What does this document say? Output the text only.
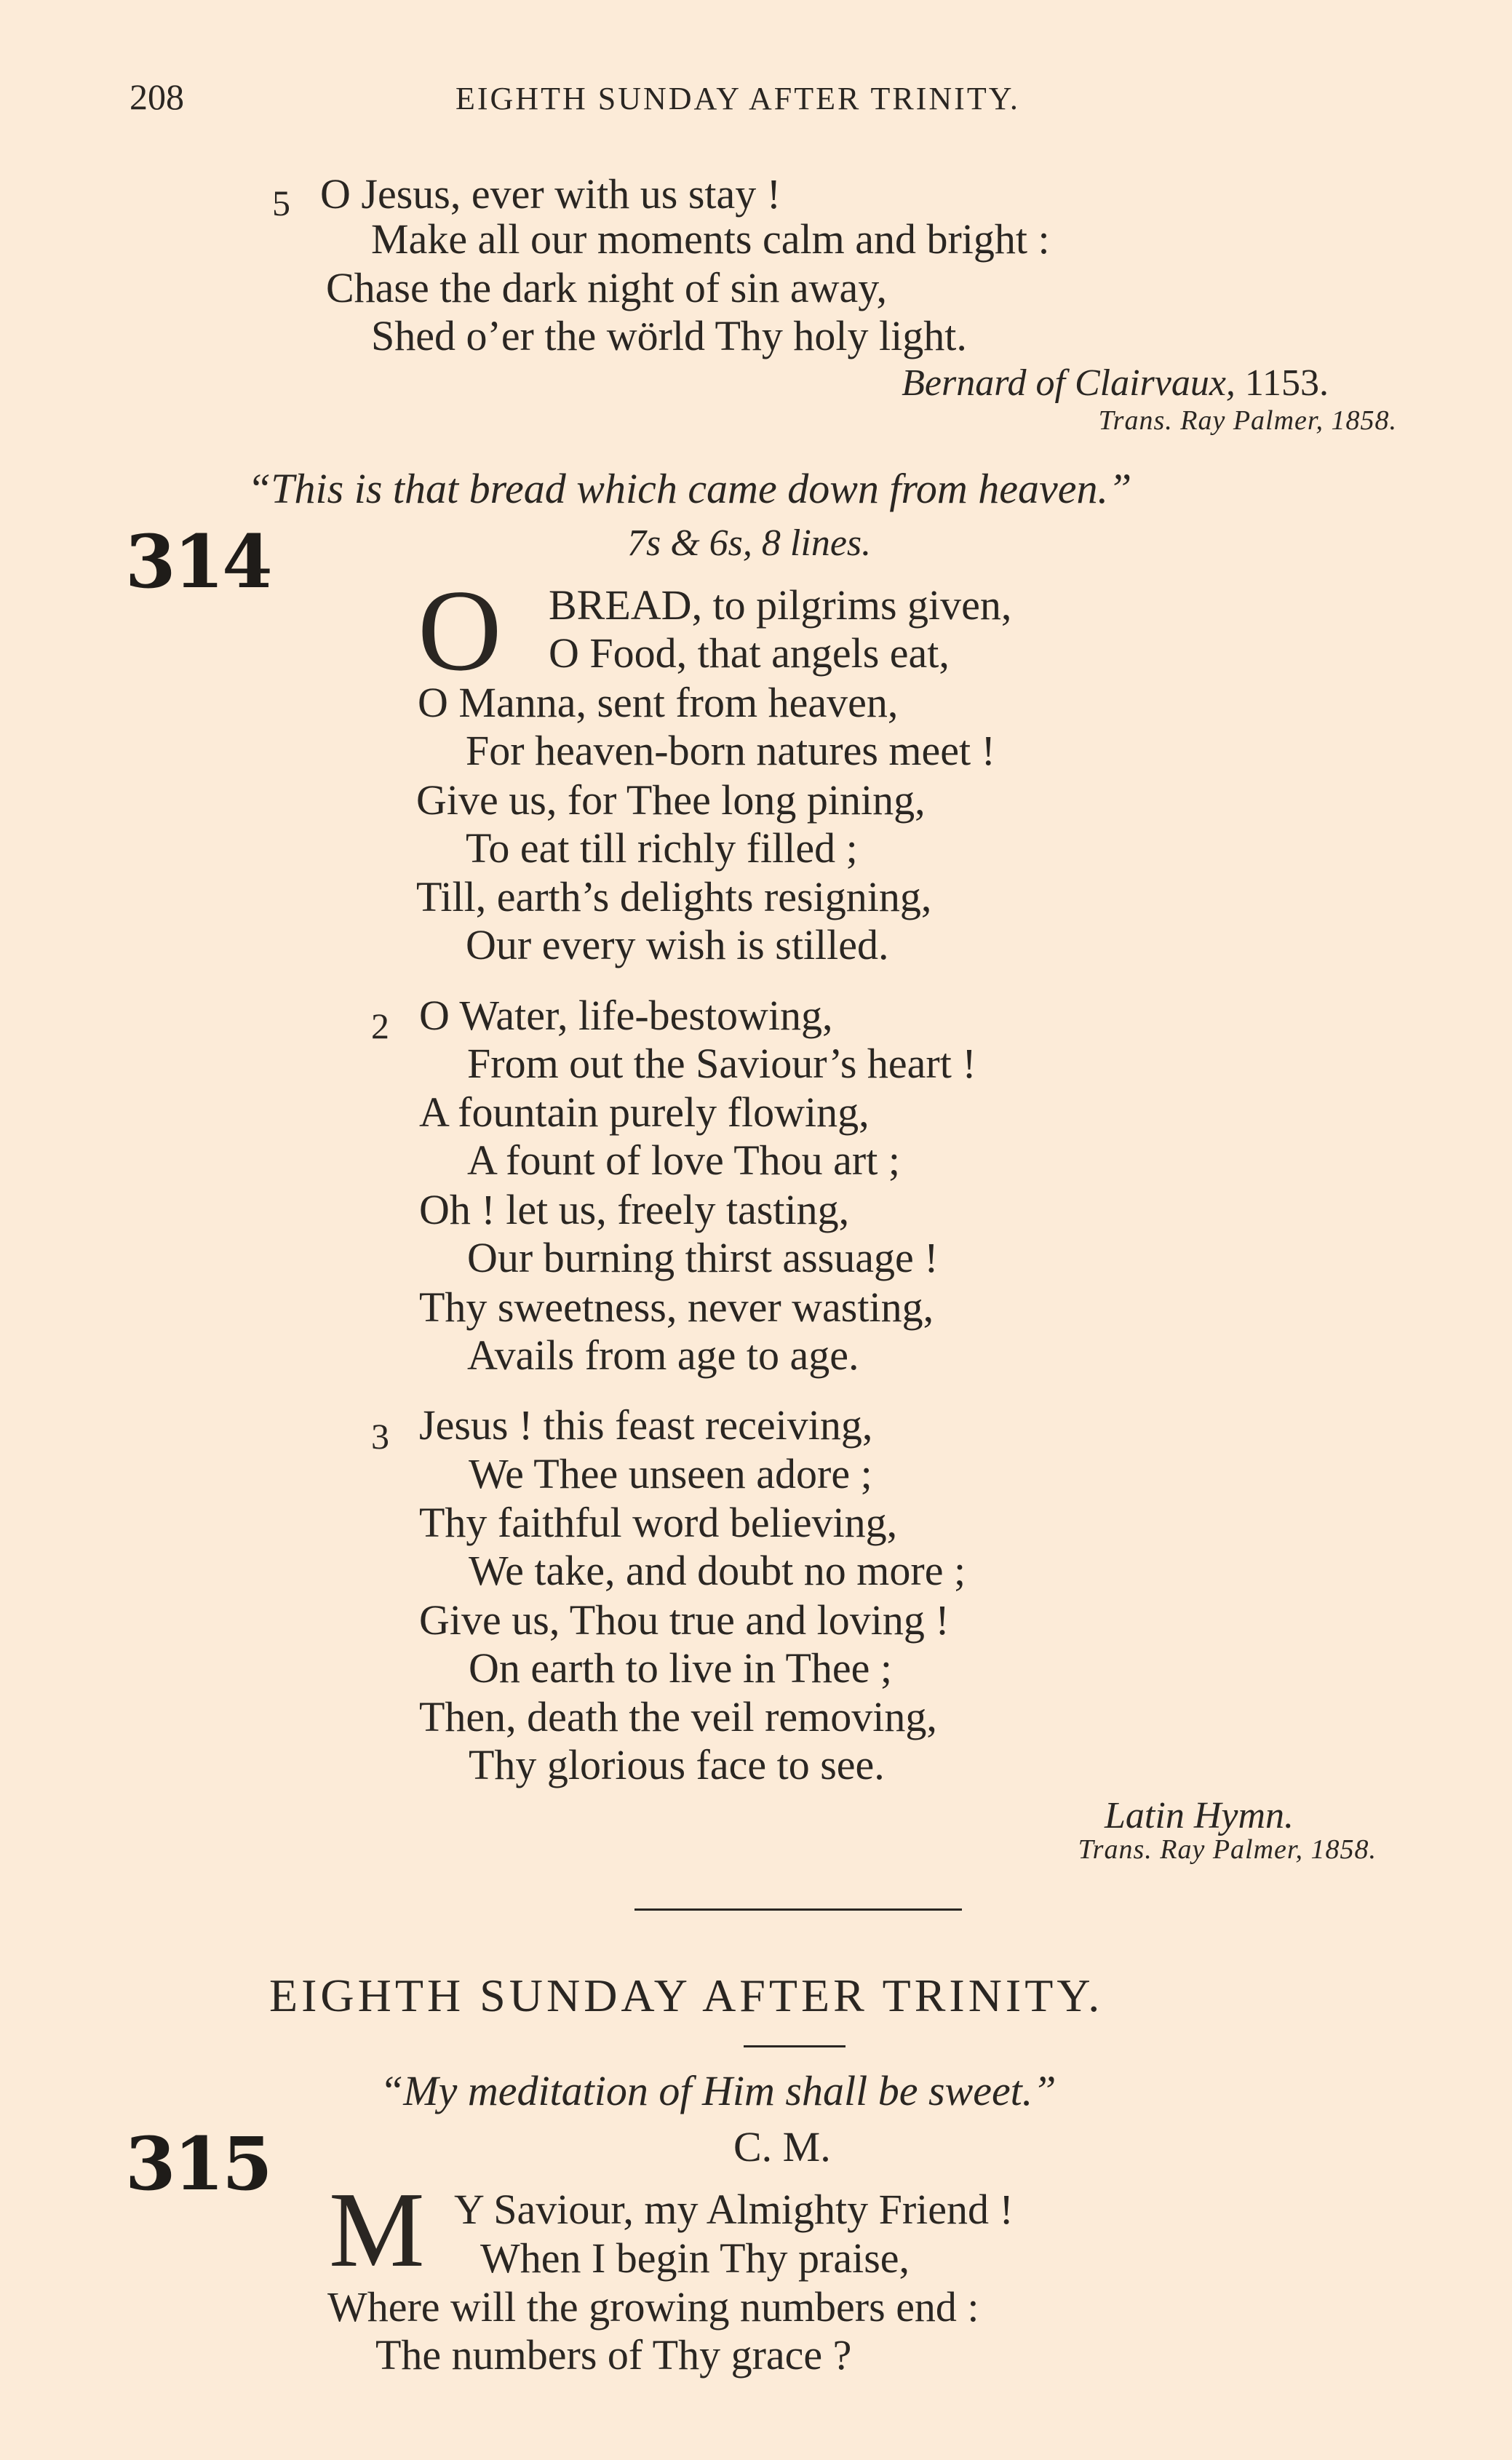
208	EIGHTH SUNDAY AFTER TRINITY.
5 O Jesus, ever with us stay !
Make all our moments calm and bright :
Chase the dark night of sin away,
Shed o’er the wörld Thy holy light.
Bernard of Clairvaux, 1153.
Trans. Ray Palmer, 1858.
“This is that bread which came down from heaven.”
314	7s & 6s, 8 lines.
O BREAD, to pilgrims given,
O Food, that angels eat,
O Manna, sent from heaven,
For heaven-born natures meet !
Give us, for Thee long pining,
To eat till richly filled ;
Till, earth’s delights resigning,
Our every wish is stilled.
2 O Water, life-bestowing,
From out the Saviour’s heart !
A fountain purely flowing,
A fount of love Thou art ;
Oh ! let us, freely tasting,
Our burning thirst assuage !
Thy sweetness, never wasting,
Avails from age to age.
3 Jesus ! this feast receiving,
We Thee unseen adore ;
Thy faithful word believing,
We take, and doubt no more ;
Give us, Thou true and loving !
On earth to live in Thee ;
Then, death the veil removing,
Thy glorious face to see.
Latin Hymn.
Trans. Ray Palmer, 1858.
EIGHTH SUNDAY AFTER TRINITY.
“My meditation of Him shall be sweet.”
315	C. M.
M Y Saviour, my Almighty Friend !
When I begin Thy praise,
Where will the growing numbers end :
The numbers of Thy grace ?
